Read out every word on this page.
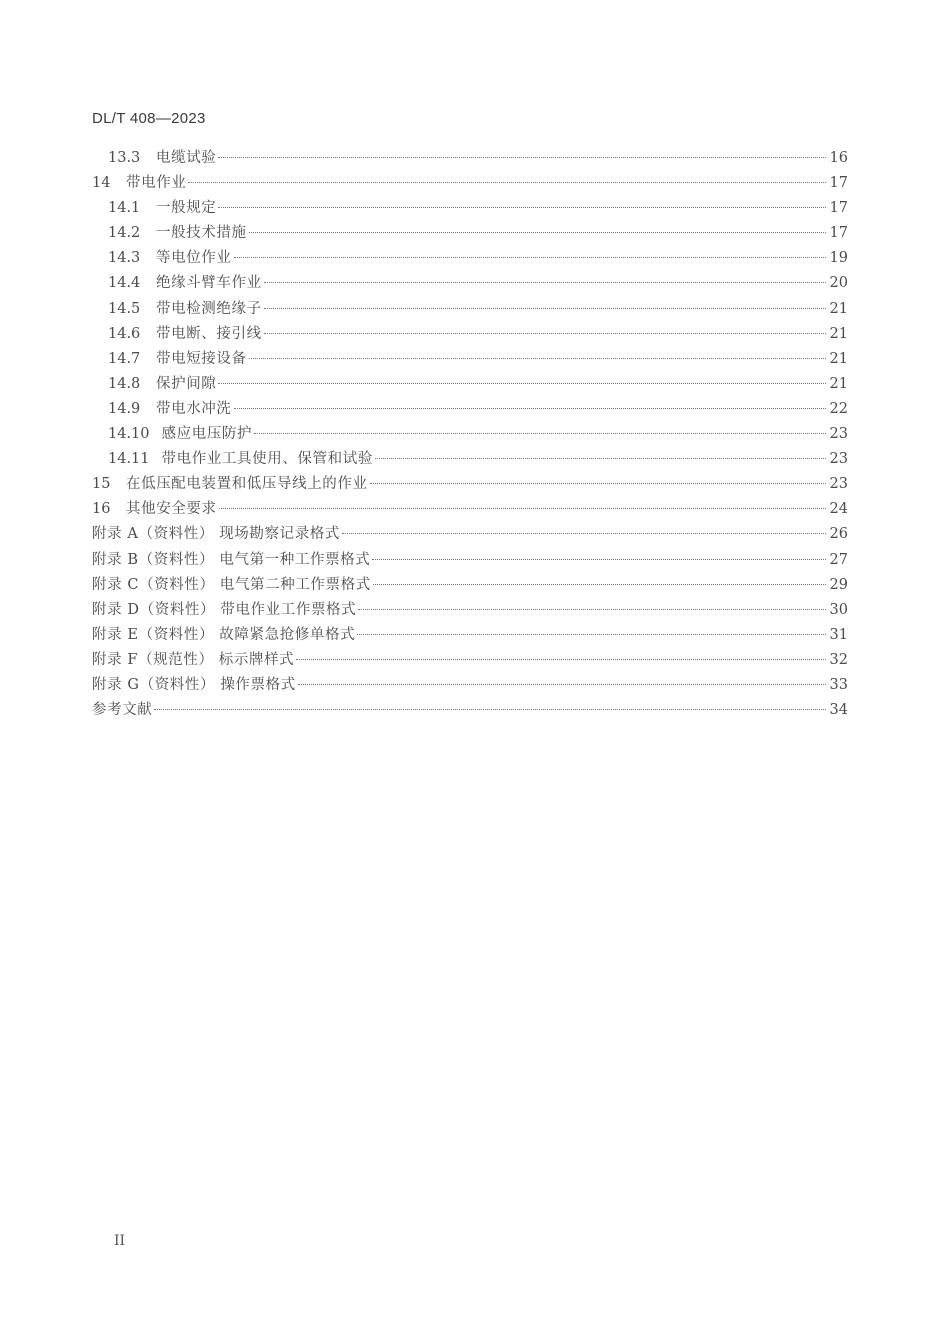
DL/T 408—2023
13.3	电缆试验	16
14	带电作业	17
14.1	一般规定	17
14.2	一般技术措施	17
14.3	等电位作业	19
14.4	绝缘斗臂车作业	20
14.5	带电检测绝缘子	21
14.6	带电断、接引线	21
14.7	带电短接设备	21
14.8	保护间隙	21
14.9	带电水冲洗	22
14.10 感应电压防护	23
14.11 带电作业工具使用、保管和试验	23
15	在低压配电装置和低压导线上的作业	23
16	其他安全要求	24
附录 A（资料性） 现场勘察记录格式	26
附录 B（资料性） 电气第一种工作票格式	27
附录 C（资料性） 电气第二种工作票格式	29
附录 D（资料性） 带电作业工作票格式	30
附录 E（资料性） 故障紧急抢修单格式	31
附录 F（规范性） 标示牌样式	32
附录 G（资料性） 操作票格式	33
参考文献	34
II
